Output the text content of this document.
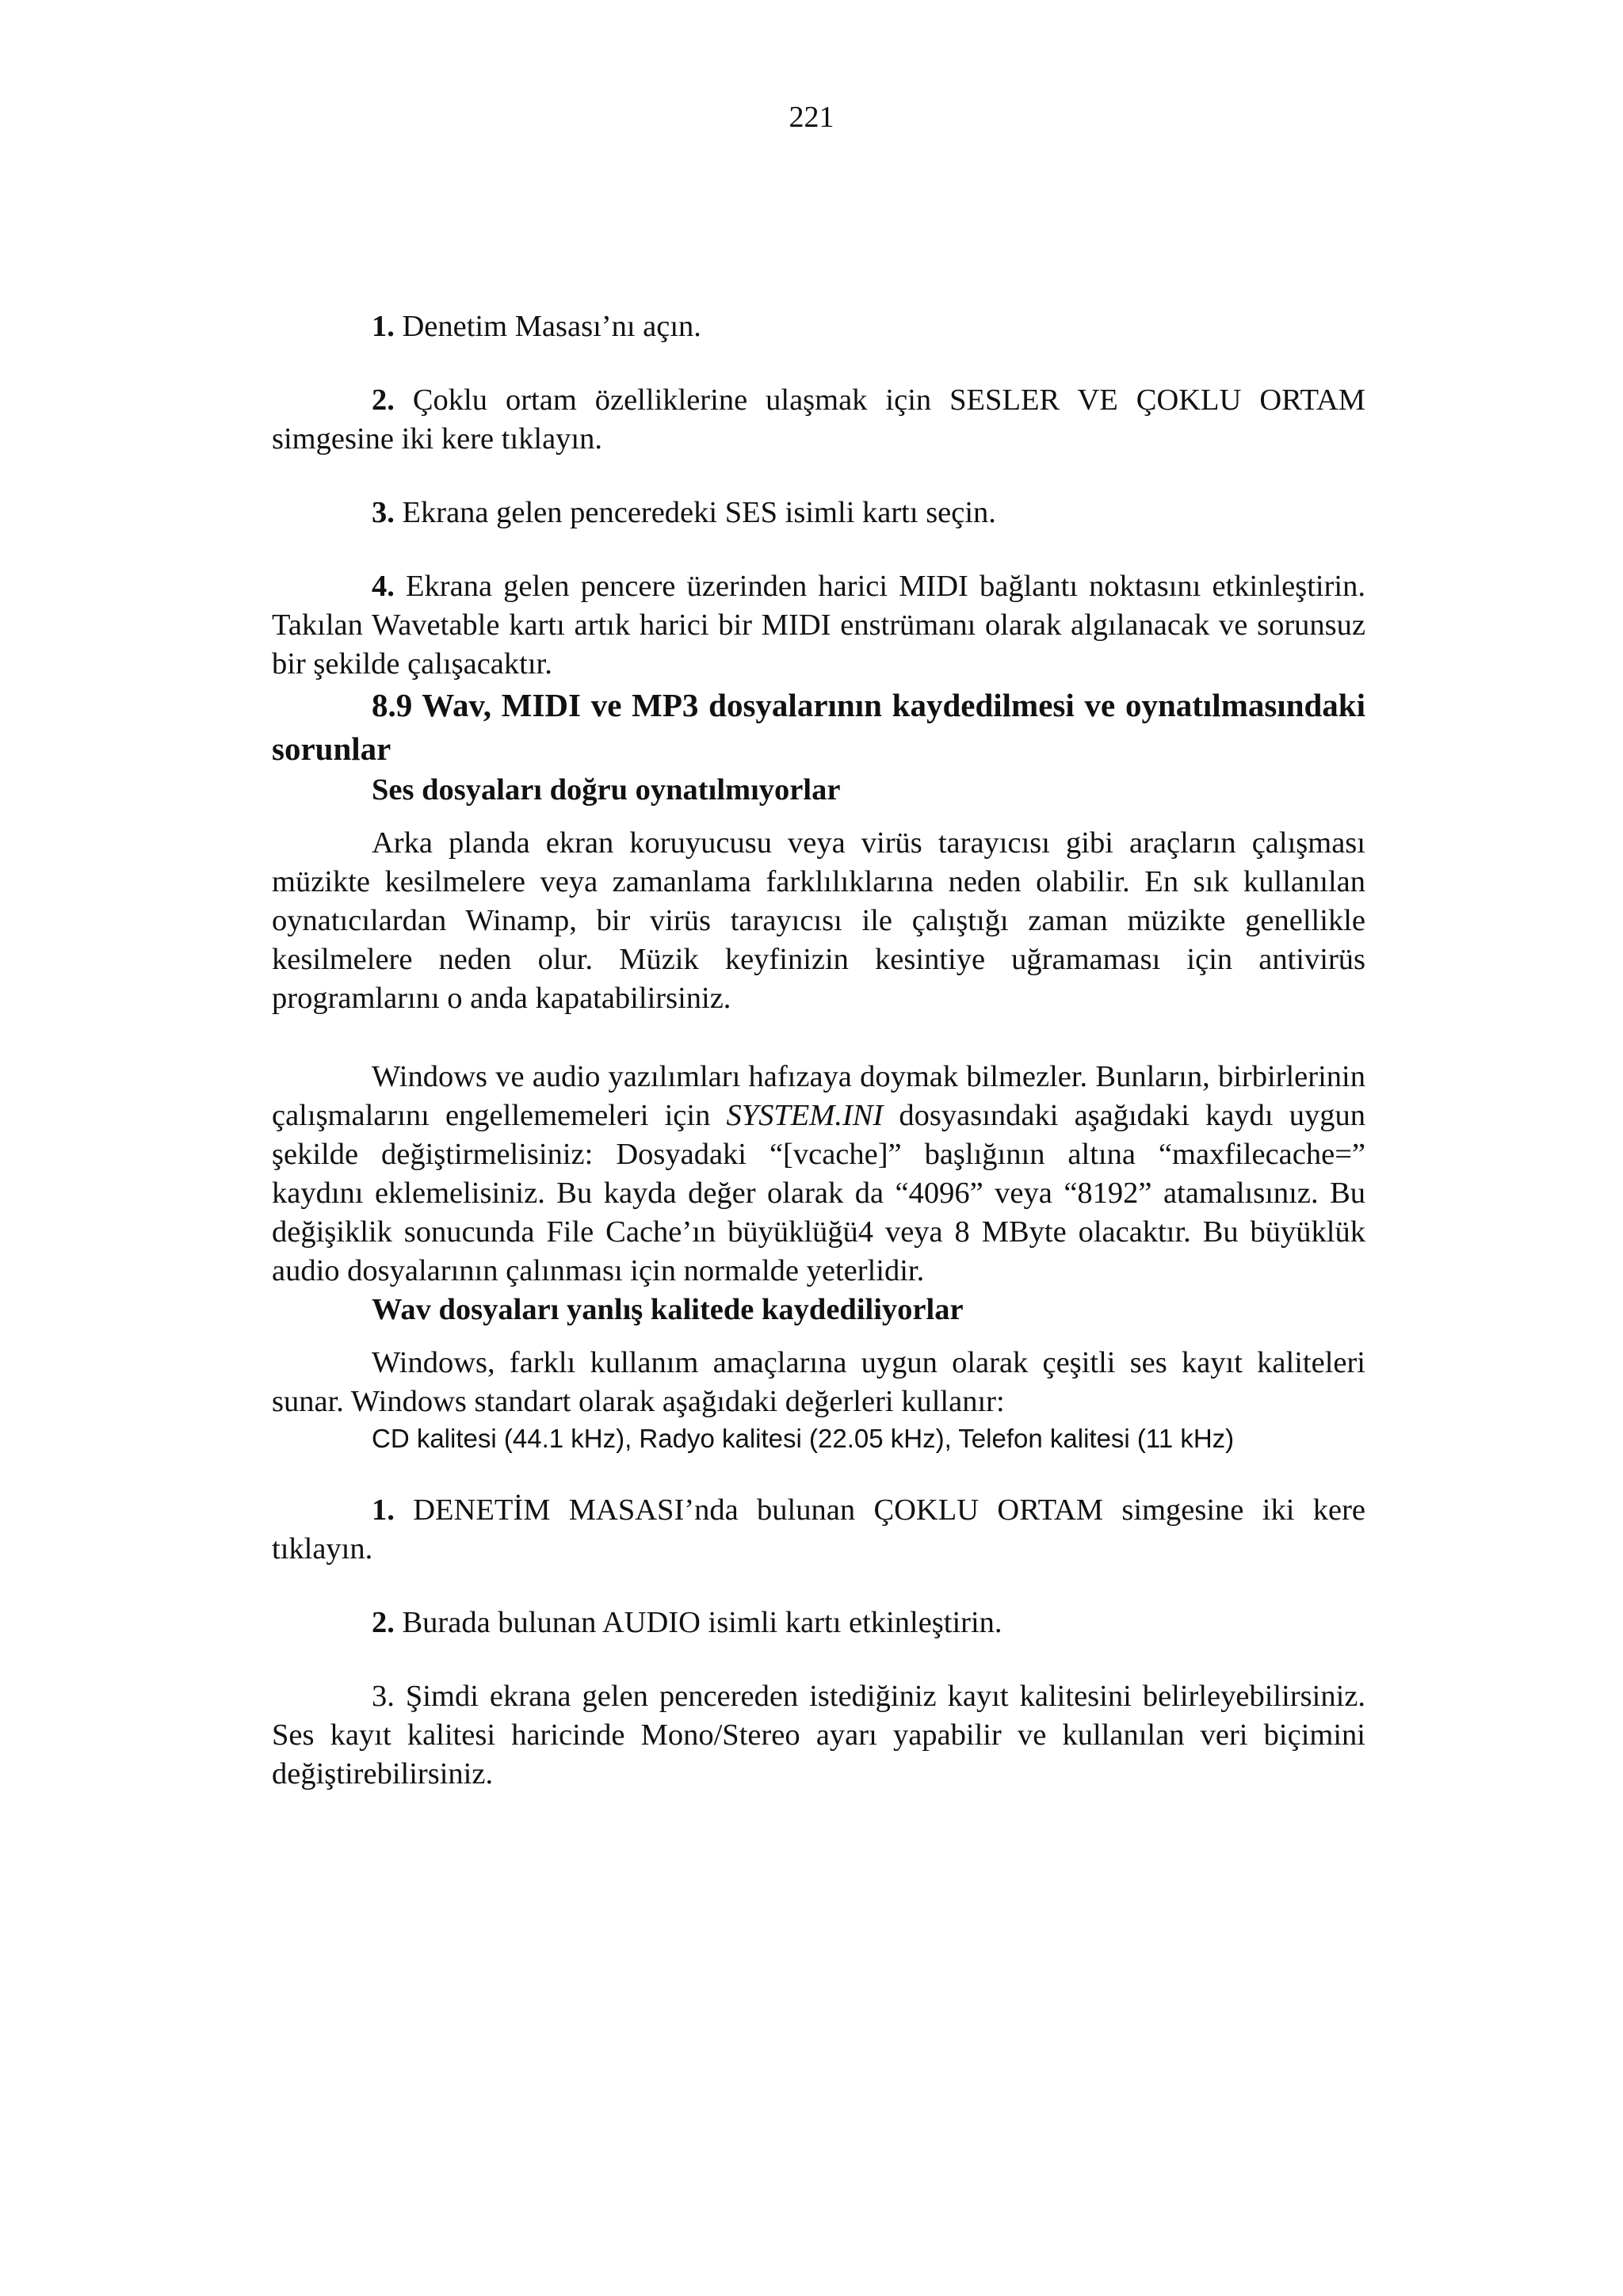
221

1. Denetim Masası’nı açın.

2. Çoklu ortam özelliklerine ulaşmak için SESLER VE ÇOKLU ORTAM simgesine iki kere tıklayın.

3. Ekrana gelen penceredeki SES isimli kartı seçin.

4. Ekrana gelen pencere üzerinden harici MIDI bağlantı noktasını etkinleştirin. Takılan Wavetable kartı artık harici bir MIDI enstrümanı olarak algılanacak ve sorunsuz bir şekilde çalışacaktır.

8.9 Wav, MIDI ve MP3 dosyalarının kaydedilmesi ve oynatılmasındaki sorunlar

Ses dosyaları doğru oynatılmıyorlar

Arka planda ekran koruyucusu veya virüs tarayıcısı gibi araçların çalışması müzikte kesilmelere veya zamanlama farklılıklarına neden olabilir. En sık kullanılan oynatıcılardan Winamp, bir virüs tarayıcısı ile çalıştığı zaman müzikte genellikle kesilmelere neden olur. Müzik keyfinizin kesintiye uğramaması için antivirüs programlarını o anda kapatabilirsiniz.

Windows ve audio yazılımları hafızaya doymak bilmezler. Bunların, birbirlerinin çalışmalarını engellememeleri için SYSTEM.INI dosyasındaki aşağıdaki kaydı uygun şekilde değiştirmelisiniz: Dosyadaki “[vcache]” başlığının altına “maxfilecache=” kaydını eklemelisiniz. Bu kayda değer olarak da “4096” veya “8192” atamalısınız. Bu değişiklik sonucunda File Cache’ın büyüklüğü4 veya 8 MByte olacaktır. Bu büyüklük audio dosyalarının çalınması için normalde yeterlidir.

Wav dosyaları yanlış kalitede kaydediliyorlar

Windows, farklı kullanım amaçlarına uygun olarak çeşitli ses kayıt kaliteleri sunar. Windows standart olarak aşağıdaki değerleri kullanır:

CD kalitesi (44.1 kHz), Radyo kalitesi (22.05 kHz), Telefon kalitesi (11 kHz)

1. DENETİM MASASI’nda bulunan ÇOKLU ORTAM simgesine iki kere tıklayın.

2. Burada bulunan AUDIO isimli kartı etkinleştirin.

3. Şimdi ekrana gelen pencereden istediğiniz kayıt kalitesini belirleyebilirsiniz. Ses kayıt kalitesi haricinde Mono/Stereo ayarı yapabilir ve kullanılan veri biçimini değiştirebilirsiniz.
